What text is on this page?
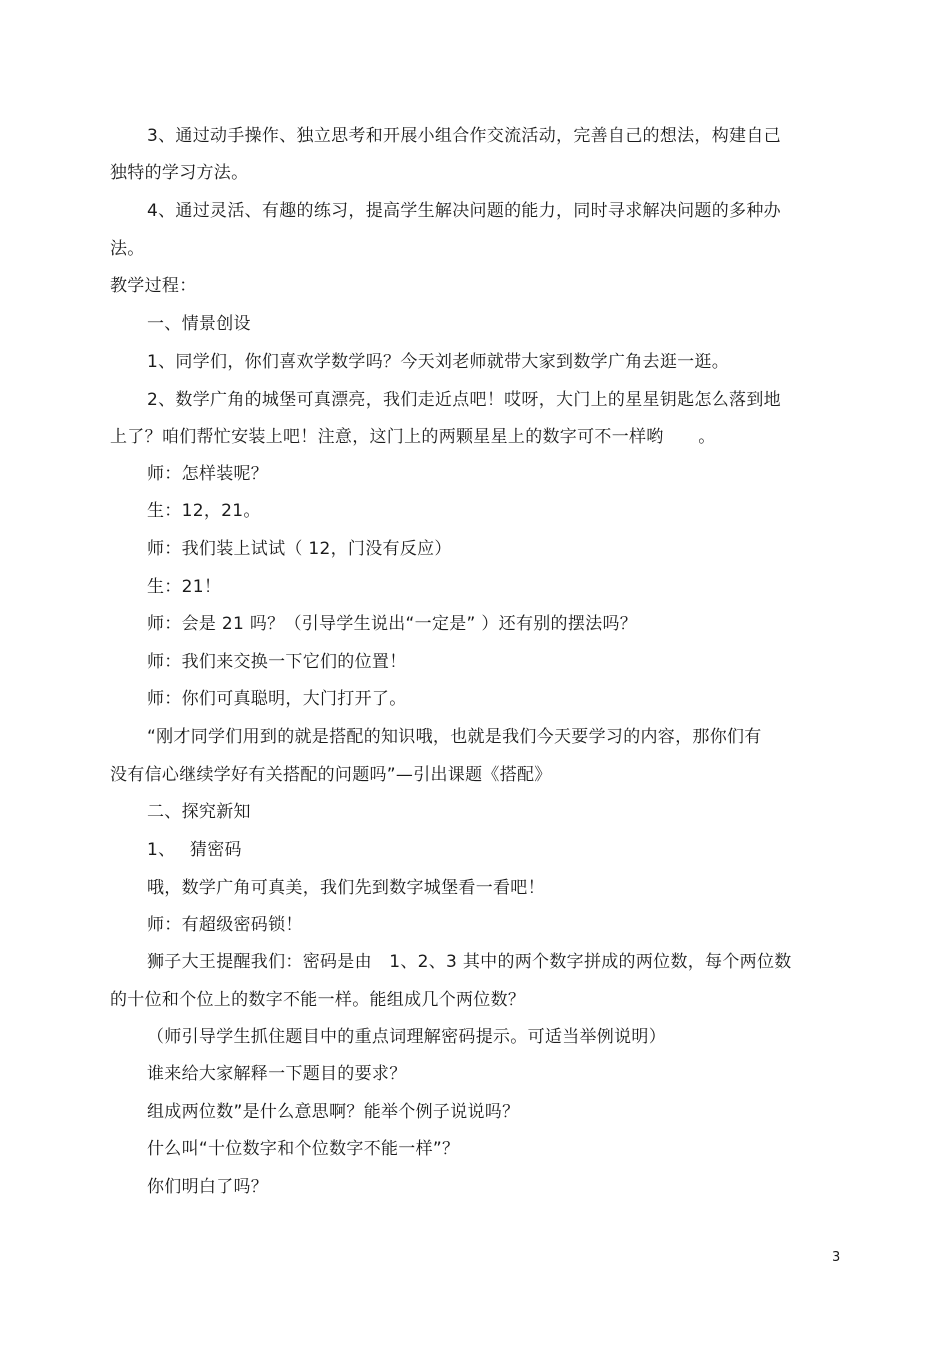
3、通过动手操作、独立思考和开展小组合作交流活动，完善自己的想法，构建自己
独特的学习方法。
4、通过灵活、有趣的练习，提高学生解决问题的能力，同时寻求解决问题的多种办
法。
教学过程：
一、情景创设
1、同学们，你们喜欢学数学吗？今天刘老师就带大家到数学广角去逛一逛。
2、数学广角的城堡可真漂亮，我们走近点吧！哎呀，大门上的星星钥匙怎么落到地
上了？咱们帮忙安装上吧！注意，这门上的两颗星星上的数字可不一样哟　　。
师：怎样装呢？
生：12，21。
师：我们装上试试（ 12，门没有反应）
生：21！
师：会是 21 吗？（引导学生说出“一定是” ）还有别的摆法吗？
师：我们来交换一下它们的位置！
师：你们可真聪明，大门打开了。
“刚才同学们用到的就是搭配的知识哦，也就是我们今天要学习的内容，那你们有
没有信心继续学好有关搭配的问题吗”—引出课题《搭配》
二、探究新知
1、　 猜密码
哦，数学广角可真美，我们先到数字城堡看一看吧！
师：有超级密码锁！
狮子大王提醒我们：密码是由　1、2、3 其中的两个数字拼成的两位数，每个两位数
的十位和个位上的数字不能一样。能组成几个两位数？
（师引导学生抓住题目中的重点词理解密码提示。可适当举例说明）
谁来给大家解释一下题目的要求？
组成两位数”是什么意思啊？能举个例子说说吗？
什么叫“十位数字和个位数字不能一样”？
你们明白了吗？
3
